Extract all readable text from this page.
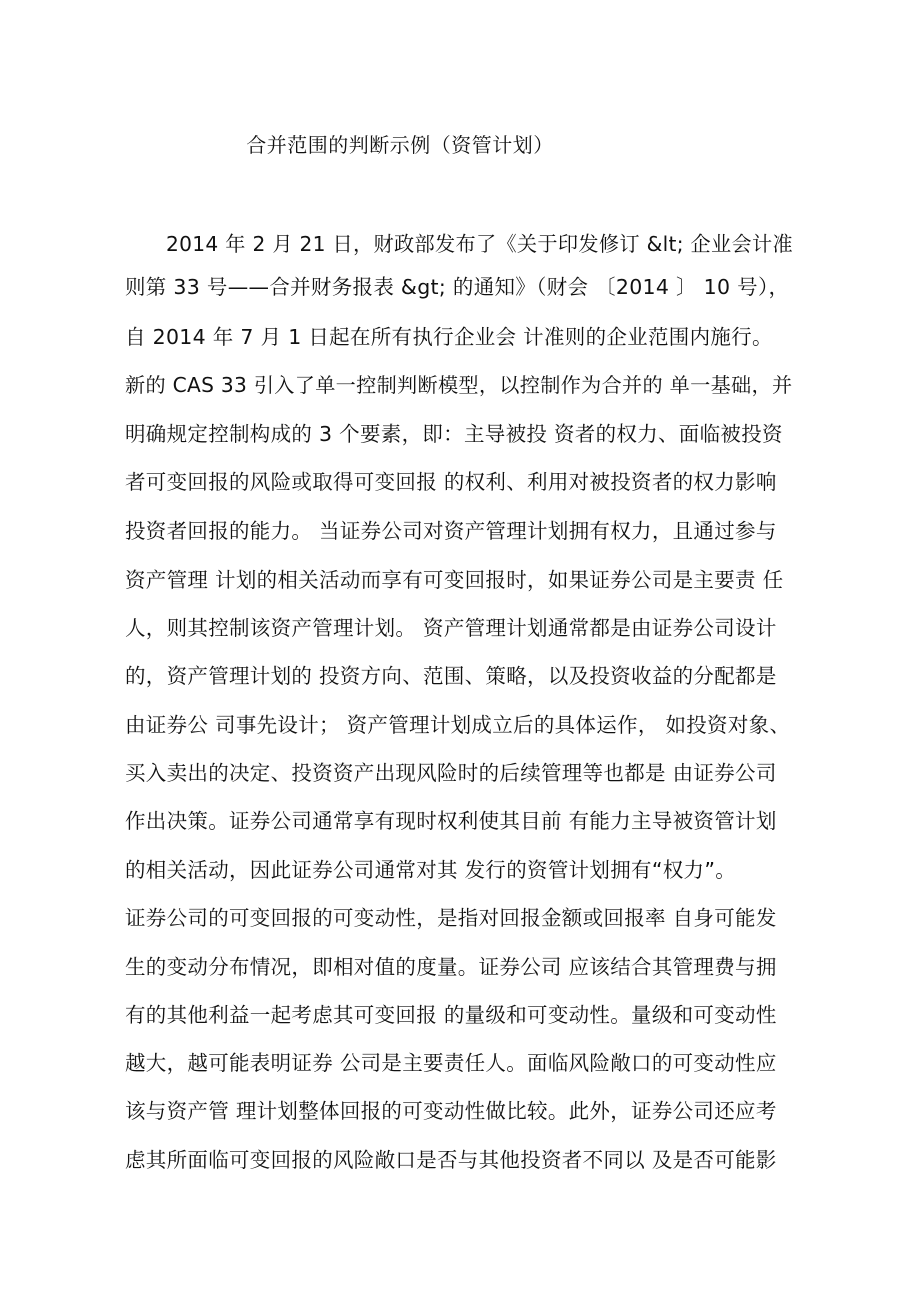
合并范围的判断示例（资管计划）
　　2014 年 2 月 21 日，财政部发布了《关于印发修订 &lt; 企业会计准
则第 33 号——合并财务报表 &gt; 的通知》（财会 〔2014 〕 10 号），
自 2014 年 7 月 1 日起在所有执行企业会 计准则的企业范围内施行。
新的 CAS 33 引入了单一控制判断模型，以控制作为合并的 单一基础，并
明确规定控制构成的 3 个要素，即：主导被投 资者的权力、面临被投资
者可变回报的风险或取得可变回报 的权利、利用对被投资者的权力影响
投资者回报的能力。 当证券公司对资产管理计划拥有权力，且通过参与
资产管理 计划的相关活动而享有可变回报时，如果证券公司是主要责 任
人，则其控制该资产管理计划。 资产管理计划通常都是由证券公司设计
的，资产管理计划的 投资方向、范围、策略，以及投资收益的分配都是
由证券公 司事先设计； 资产管理计划成立后的具体运作， 如投资对象、
买入卖出的决定、投资资产出现风险时的后续管理等也都是 由证券公司
作出决策。证券公司通常享有现时权利使其目前 有能力主导被资管计划
的相关活动，因此证券公司通常对其 发行的资管计划拥有“权力”。
证券公司的可变回报的可变动性，是指对回报金额或回报率 自身可能发
生的变动分布情况，即相对值的度量。证券公司 应该结合其管理费与拥
有的其他利益一起考虑其可变回报 的量级和可变动性。量级和可变动性
越大，越可能表明证券 公司是主要责任人。面临风险敞口的可变动性应
该与资产管 理计划整体回报的可变动性做比较。此外，证券公司还应考
虑其所面临可变回报的风险敞口是否与其他投资者不同以 及是否可能影
